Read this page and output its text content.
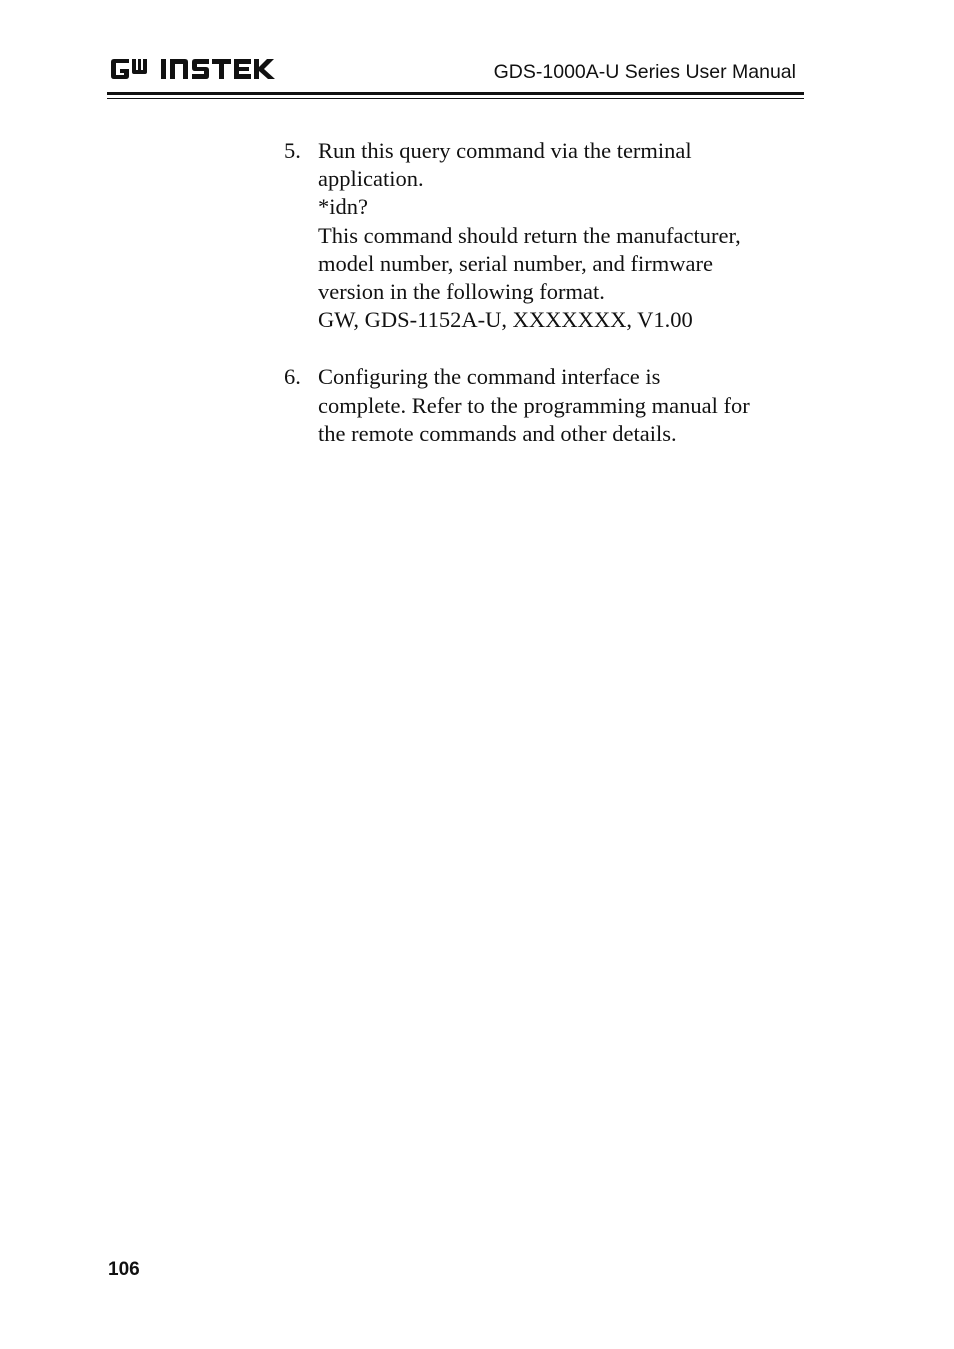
GDS-1000A-U Series User Manual
5. Run this query command via the terminal
application.
*idn?
This command should return the manufacturer,
model number, serial number, and firmware
version in the following format.
GW, GDS-1152A-U, XXXXXXX, V1.00
6. Configuring the command interface is
complete. Refer to the programming manual for
the remote commands and other details.
106
